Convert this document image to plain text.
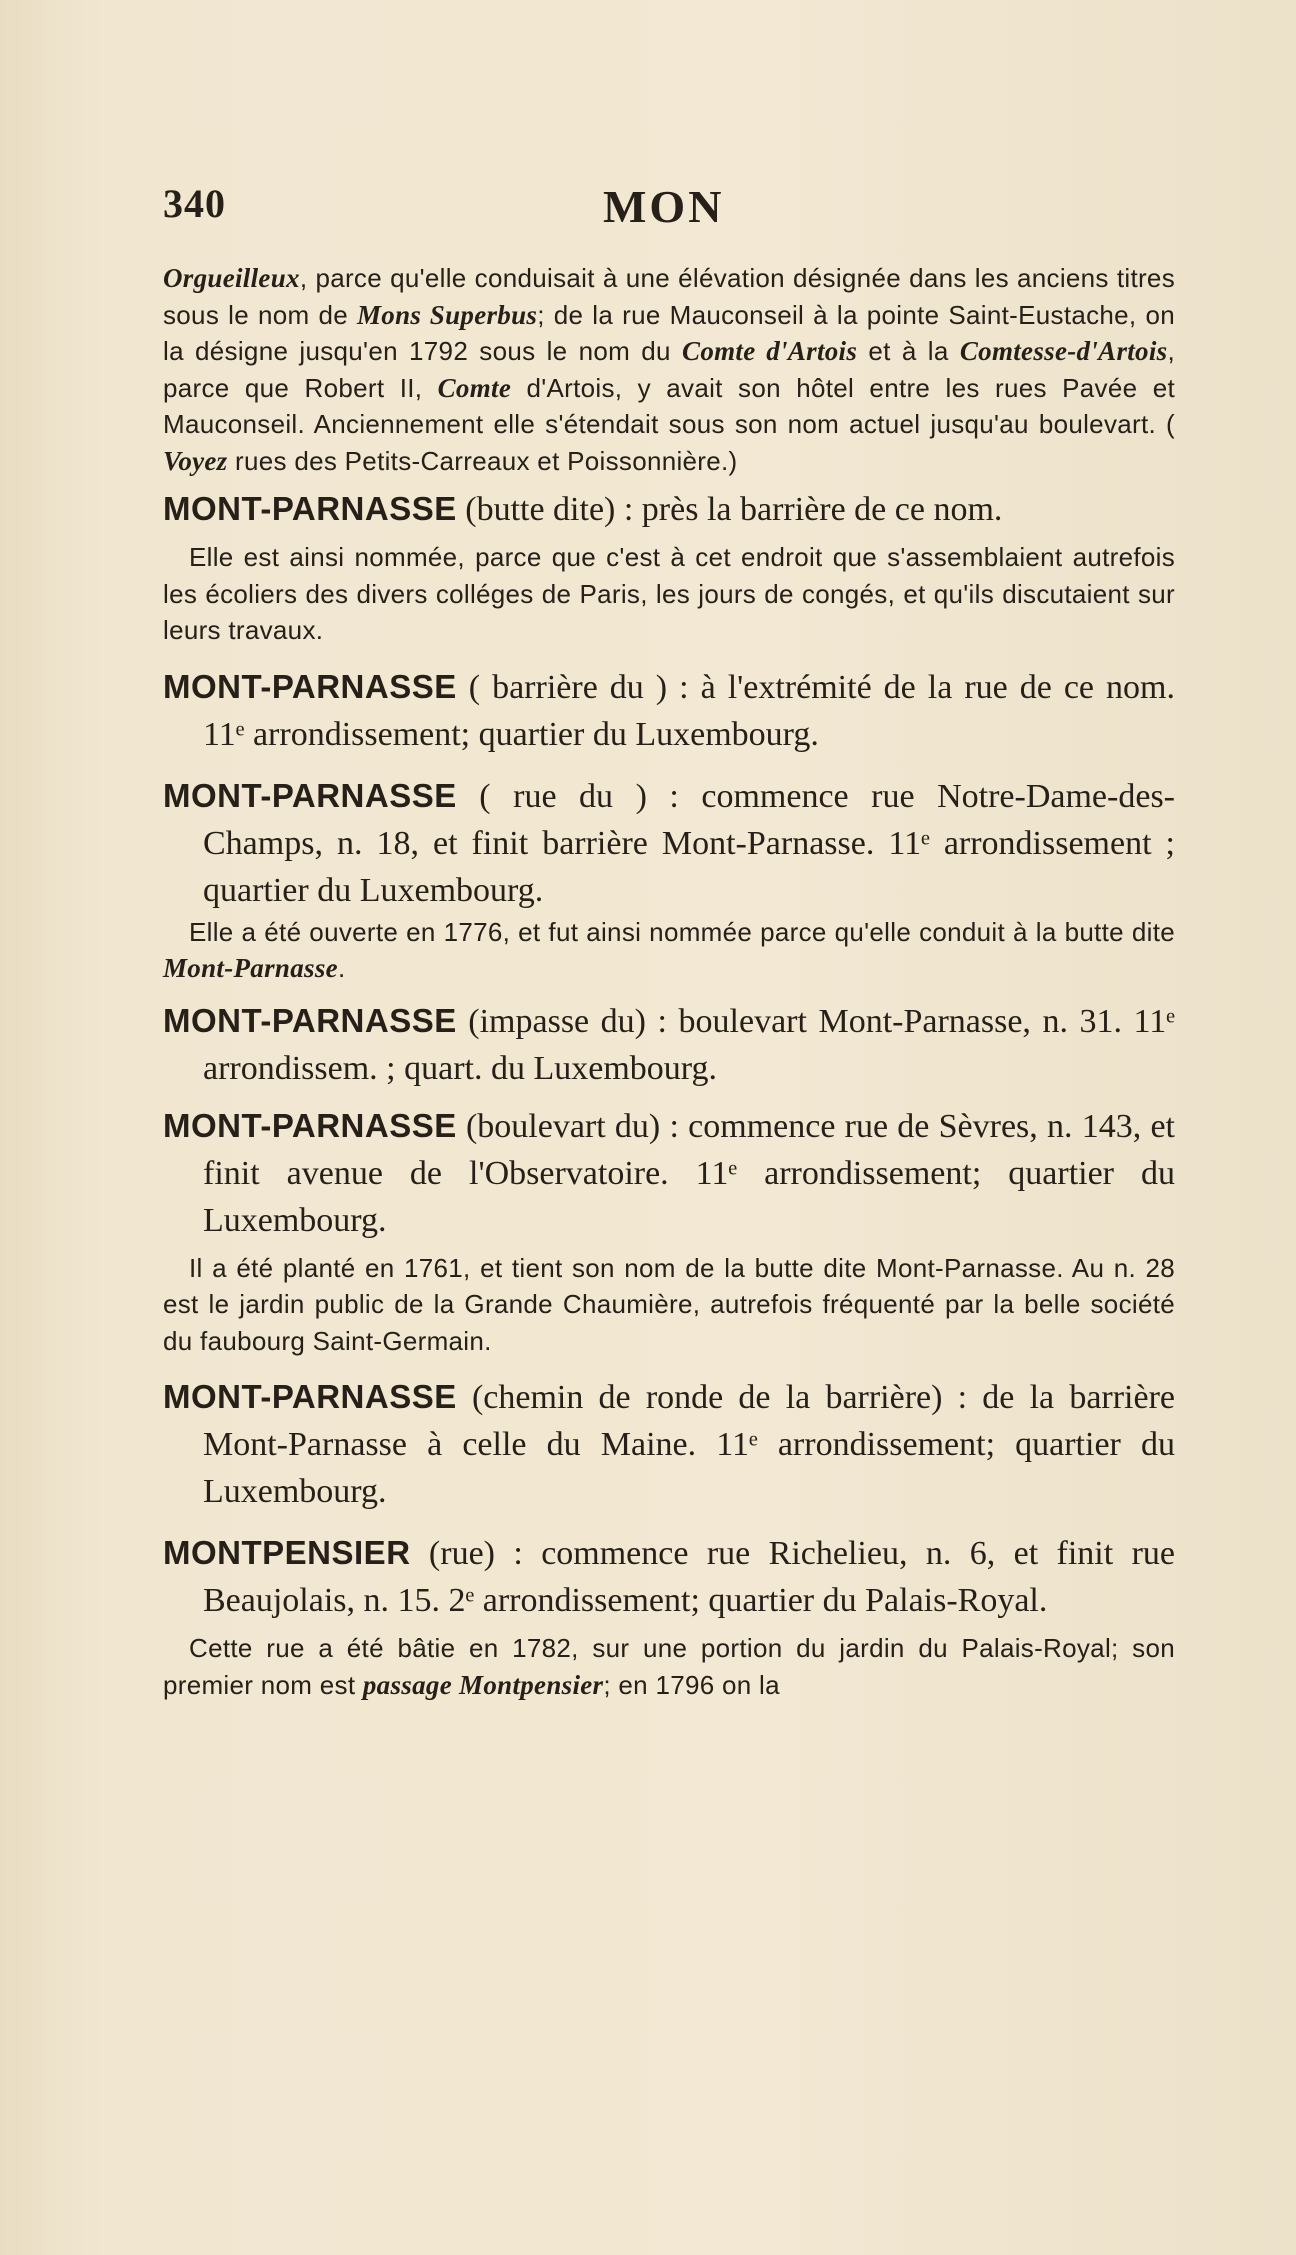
340	MON

Orgueilleux, parce qu'elle conduisait à une élévation désignée dans les anciens titres sous le nom de Mons Superbus; de la rue Mauconseil à la pointe Saint-Eustache, on la désigne jusqu'en 1792 sous le nom du Comte d'Artois et à la Comtesse-d'Artois, parce que Robert II, Comte d'Artois, y avait son hôtel entre les rues Pavée et Mauconseil. Anciennement elle s'étendait sous son nom actuel jusqu'au boulevart. ( Voyez rues des Petits-Carreaux et Poissonnière.)

MONT-PARNASSE (butte dite) : près la barrière de ce nom.

Elle est ainsi nommée, parce que c'est à cet endroit que s'assemblaient autrefois les écoliers des divers colléges de Paris, les jours de congés, et qu'ils discutaient sur leurs travaux.

MONT-PARNASSE ( barrière du ) : à l'extrémité de la rue de ce nom. 11ᵉ arrondissement; quartier du Luxembourg.

MONT-PARNASSE ( rue du ) : commence rue Notre-Dame-des-Champs, n. 18, et finit barrière Mont-Parnasse. 11ᵉ arrondissement ; quartier du Luxembourg.

Elle a été ouverte en 1776, et fut ainsi nommée parce qu'elle conduit à la butte dite Mont-Parnasse.

MONT-PARNASSE (impasse du) : boulevart Mont-Parnasse, n. 31. 11ᵉ arrondissem. ; quart. du Luxembourg.

MONT-PARNASSE (boulevart du) : commence rue de Sèvres, n. 143, et finit avenue de l'Observatoire. 11ᵉ arrondissement; quartier du Luxembourg.

Il a été planté en 1761, et tient son nom de la butte dite Mont-Parnasse. Au n. 28 est le jardin public de la Grande Chaumière, autrefois fréquenté par la belle société du faubourg Saint-Germain.

MONT-PARNASSE (chemin de ronde de la barrière) : de la barrière Mont-Parnasse à celle du Maine. 11ᵉ arrondissement; quartier du Luxembourg.

MONTPENSIER (rue) : commence rue Richelieu, n. 6, et finit rue Beaujolais, n. 15. 2ᵉ arrondissement; quartier du Palais-Royal.

Cette rue a été bâtie en 1782, sur une portion du jardin du Palais-Royal; son premier nom est passage Montpensier; en 1796 on la
